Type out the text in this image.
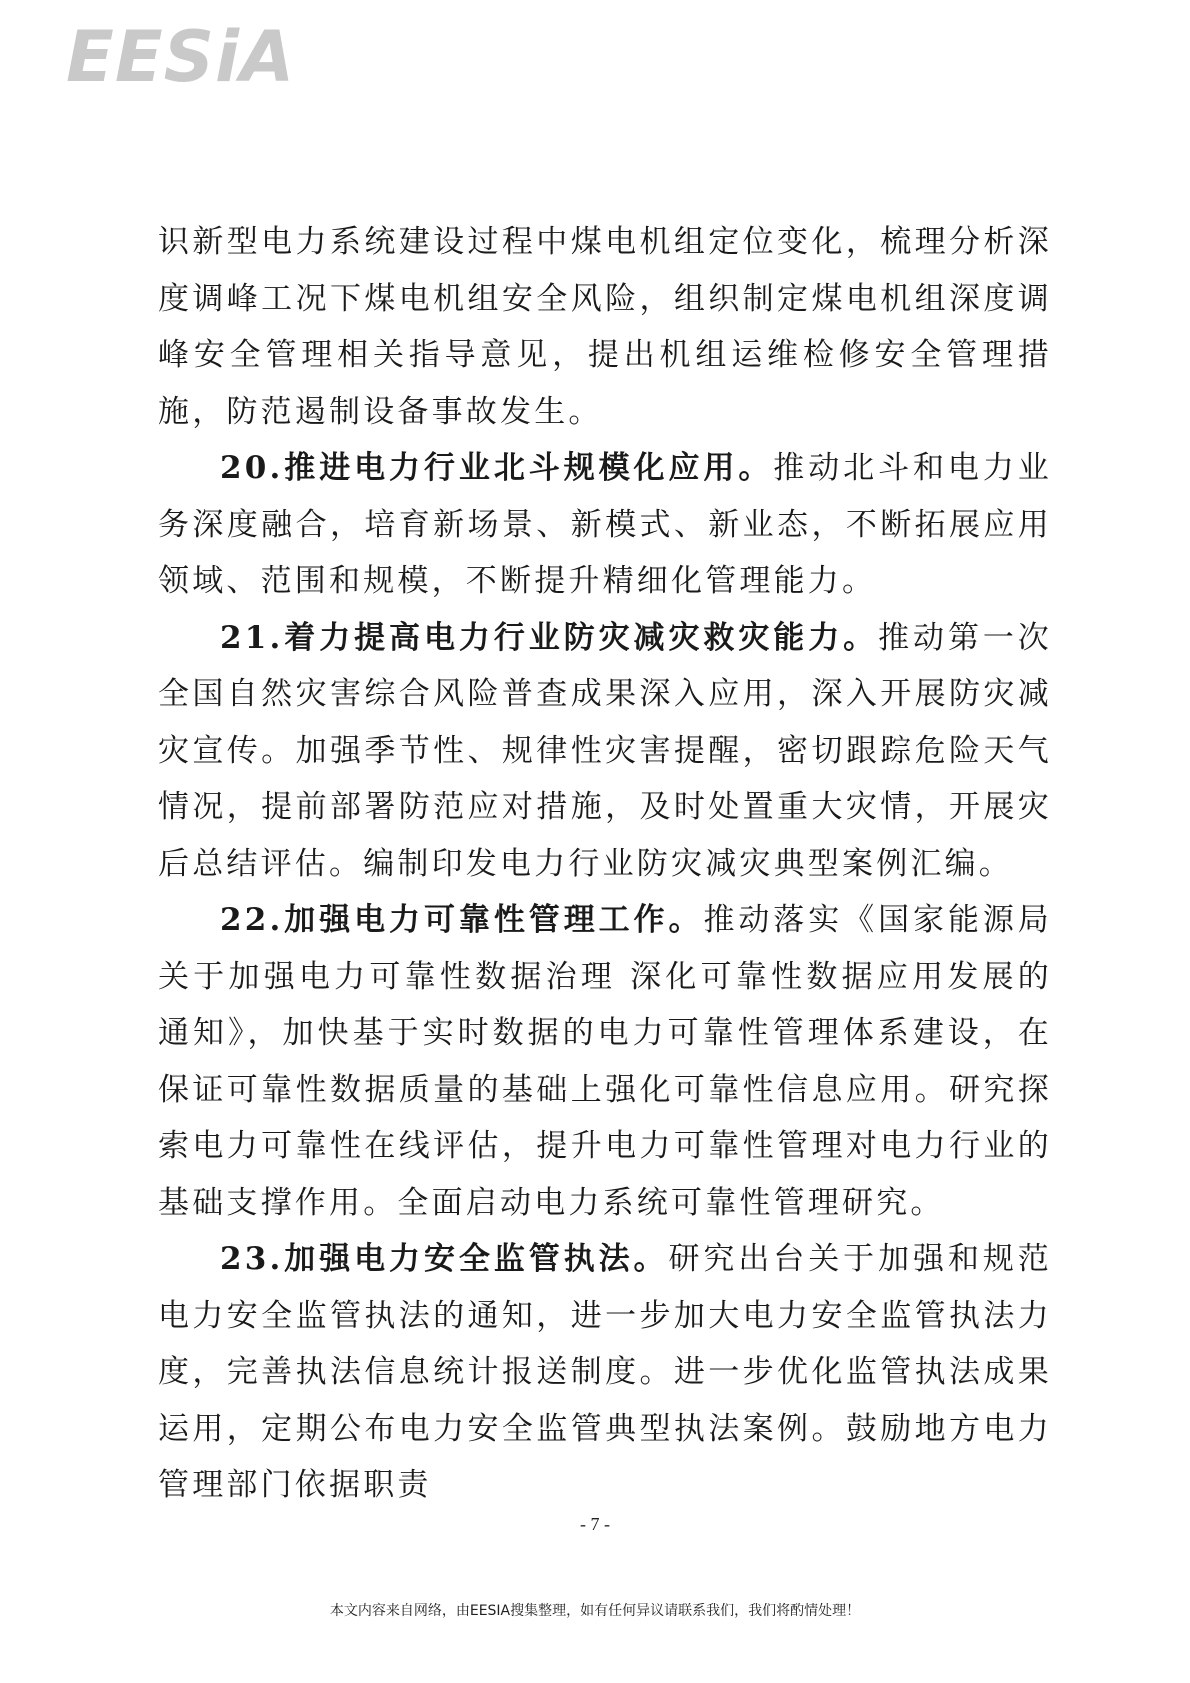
EESiA

识新型电力系统建设过程中煤电机组定位变化，梳理分析深度调峰工况下煤电机组安全风险，组织制定煤电机组深度调峰安全管理相关指导意见，提出机组运维检修安全管理措施，防范遏制设备事故发生。

20.推进电力行业北斗规模化应用。推动北斗和电力业务深度融合，培育新场景、新模式、新业态，不断拓展应用领域、范围和规模，不断提升精细化管理能力。

21.着力提高电力行业防灾减灾救灾能力。推动第一次全国自然灾害综合风险普查成果深入应用，深入开展防灾减灾宣传。加强季节性、规律性灾害提醒，密切跟踪危险天气情况，提前部署防范应对措施，及时处置重大灾情，开展灾后总结评估。编制印发电力行业防灾减灾典型案例汇编。

22.加强电力可靠性管理工作。推动落实《国家能源局关于加强电力可靠性数据治理 深化可靠性数据应用发展的通知》，加快基于实时数据的电力可靠性管理体系建设，在保证可靠性数据质量的基础上强化可靠性信息应用。研究探索电力可靠性在线评估，提升电力可靠性管理对电力行业的基础支撑作用。全面启动电力系统可靠性管理研究。

23.加强电力安全监管执法。研究出台关于加强和规范电力安全监管执法的通知，进一步加大电力安全监管执法力度，完善执法信息统计报送制度。进一步优化监管执法成果运用，定期公布电力安全监管典型执法案例。鼓励地方电力管理部门依据职责

- 7 -
本文内容来自网络，由EESIA搜集整理，如有任何异议请联系我们，我们将酌情处理！
